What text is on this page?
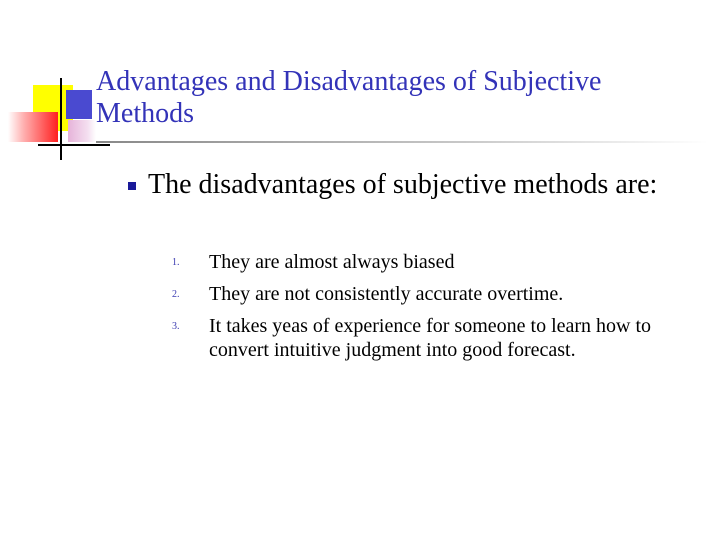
Advantages and Disadvantages of Subjective Methods
The disadvantages of subjective methods are:
1. They are almost always biased
2. They are not consistently accurate overtime.
3. It takes yeas of experience for someone to learn how to convert intuitive judgment into good forecast.
